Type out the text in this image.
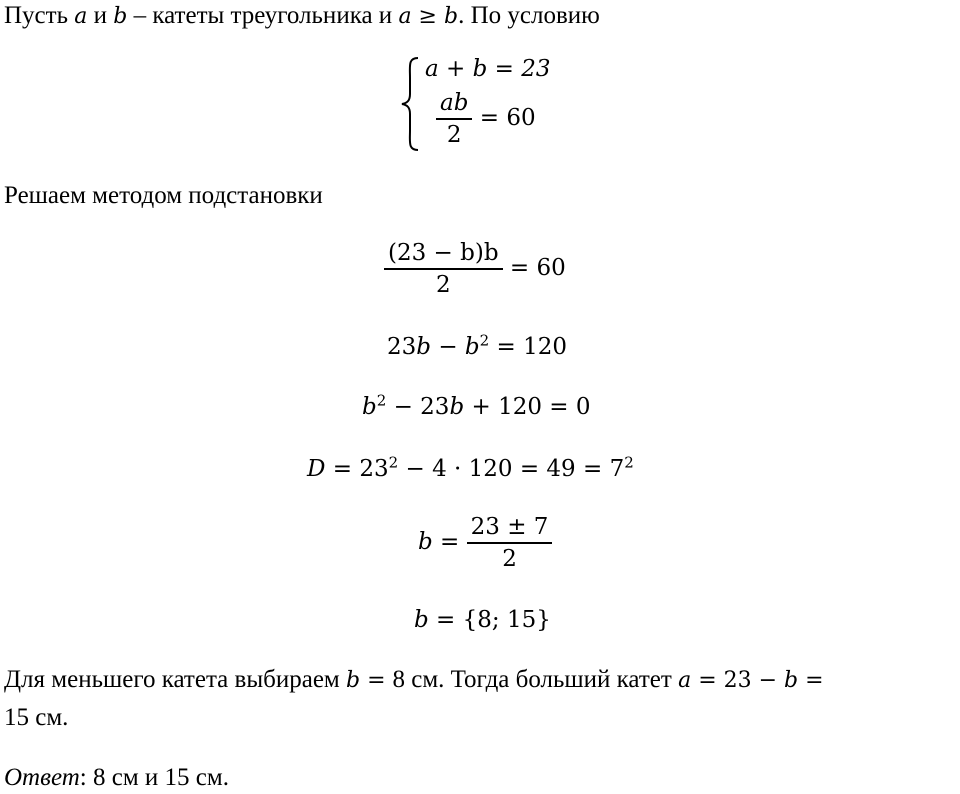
Пусть a и b – катеты треугольника и a ≥ b. По условию
a + b = 23
$\frac{ab}{2} = 60$
Решаем методом подстановки
$\frac{(23 - b)b}{2} = 60$
$23b - b^2 = 120$
$b^2 - 23b + 120 = 0$
$D = 23^2 - 4 \cdot 120 = 49 = 7^2$
$b = \frac{23 \pm 7}{2}$
b = {8; 15}
Для меньшего катета выбираем b = 8 см. Тогда больший катет a = 23 − b =
15 см.
Ответ: 8 см и 15 см.
